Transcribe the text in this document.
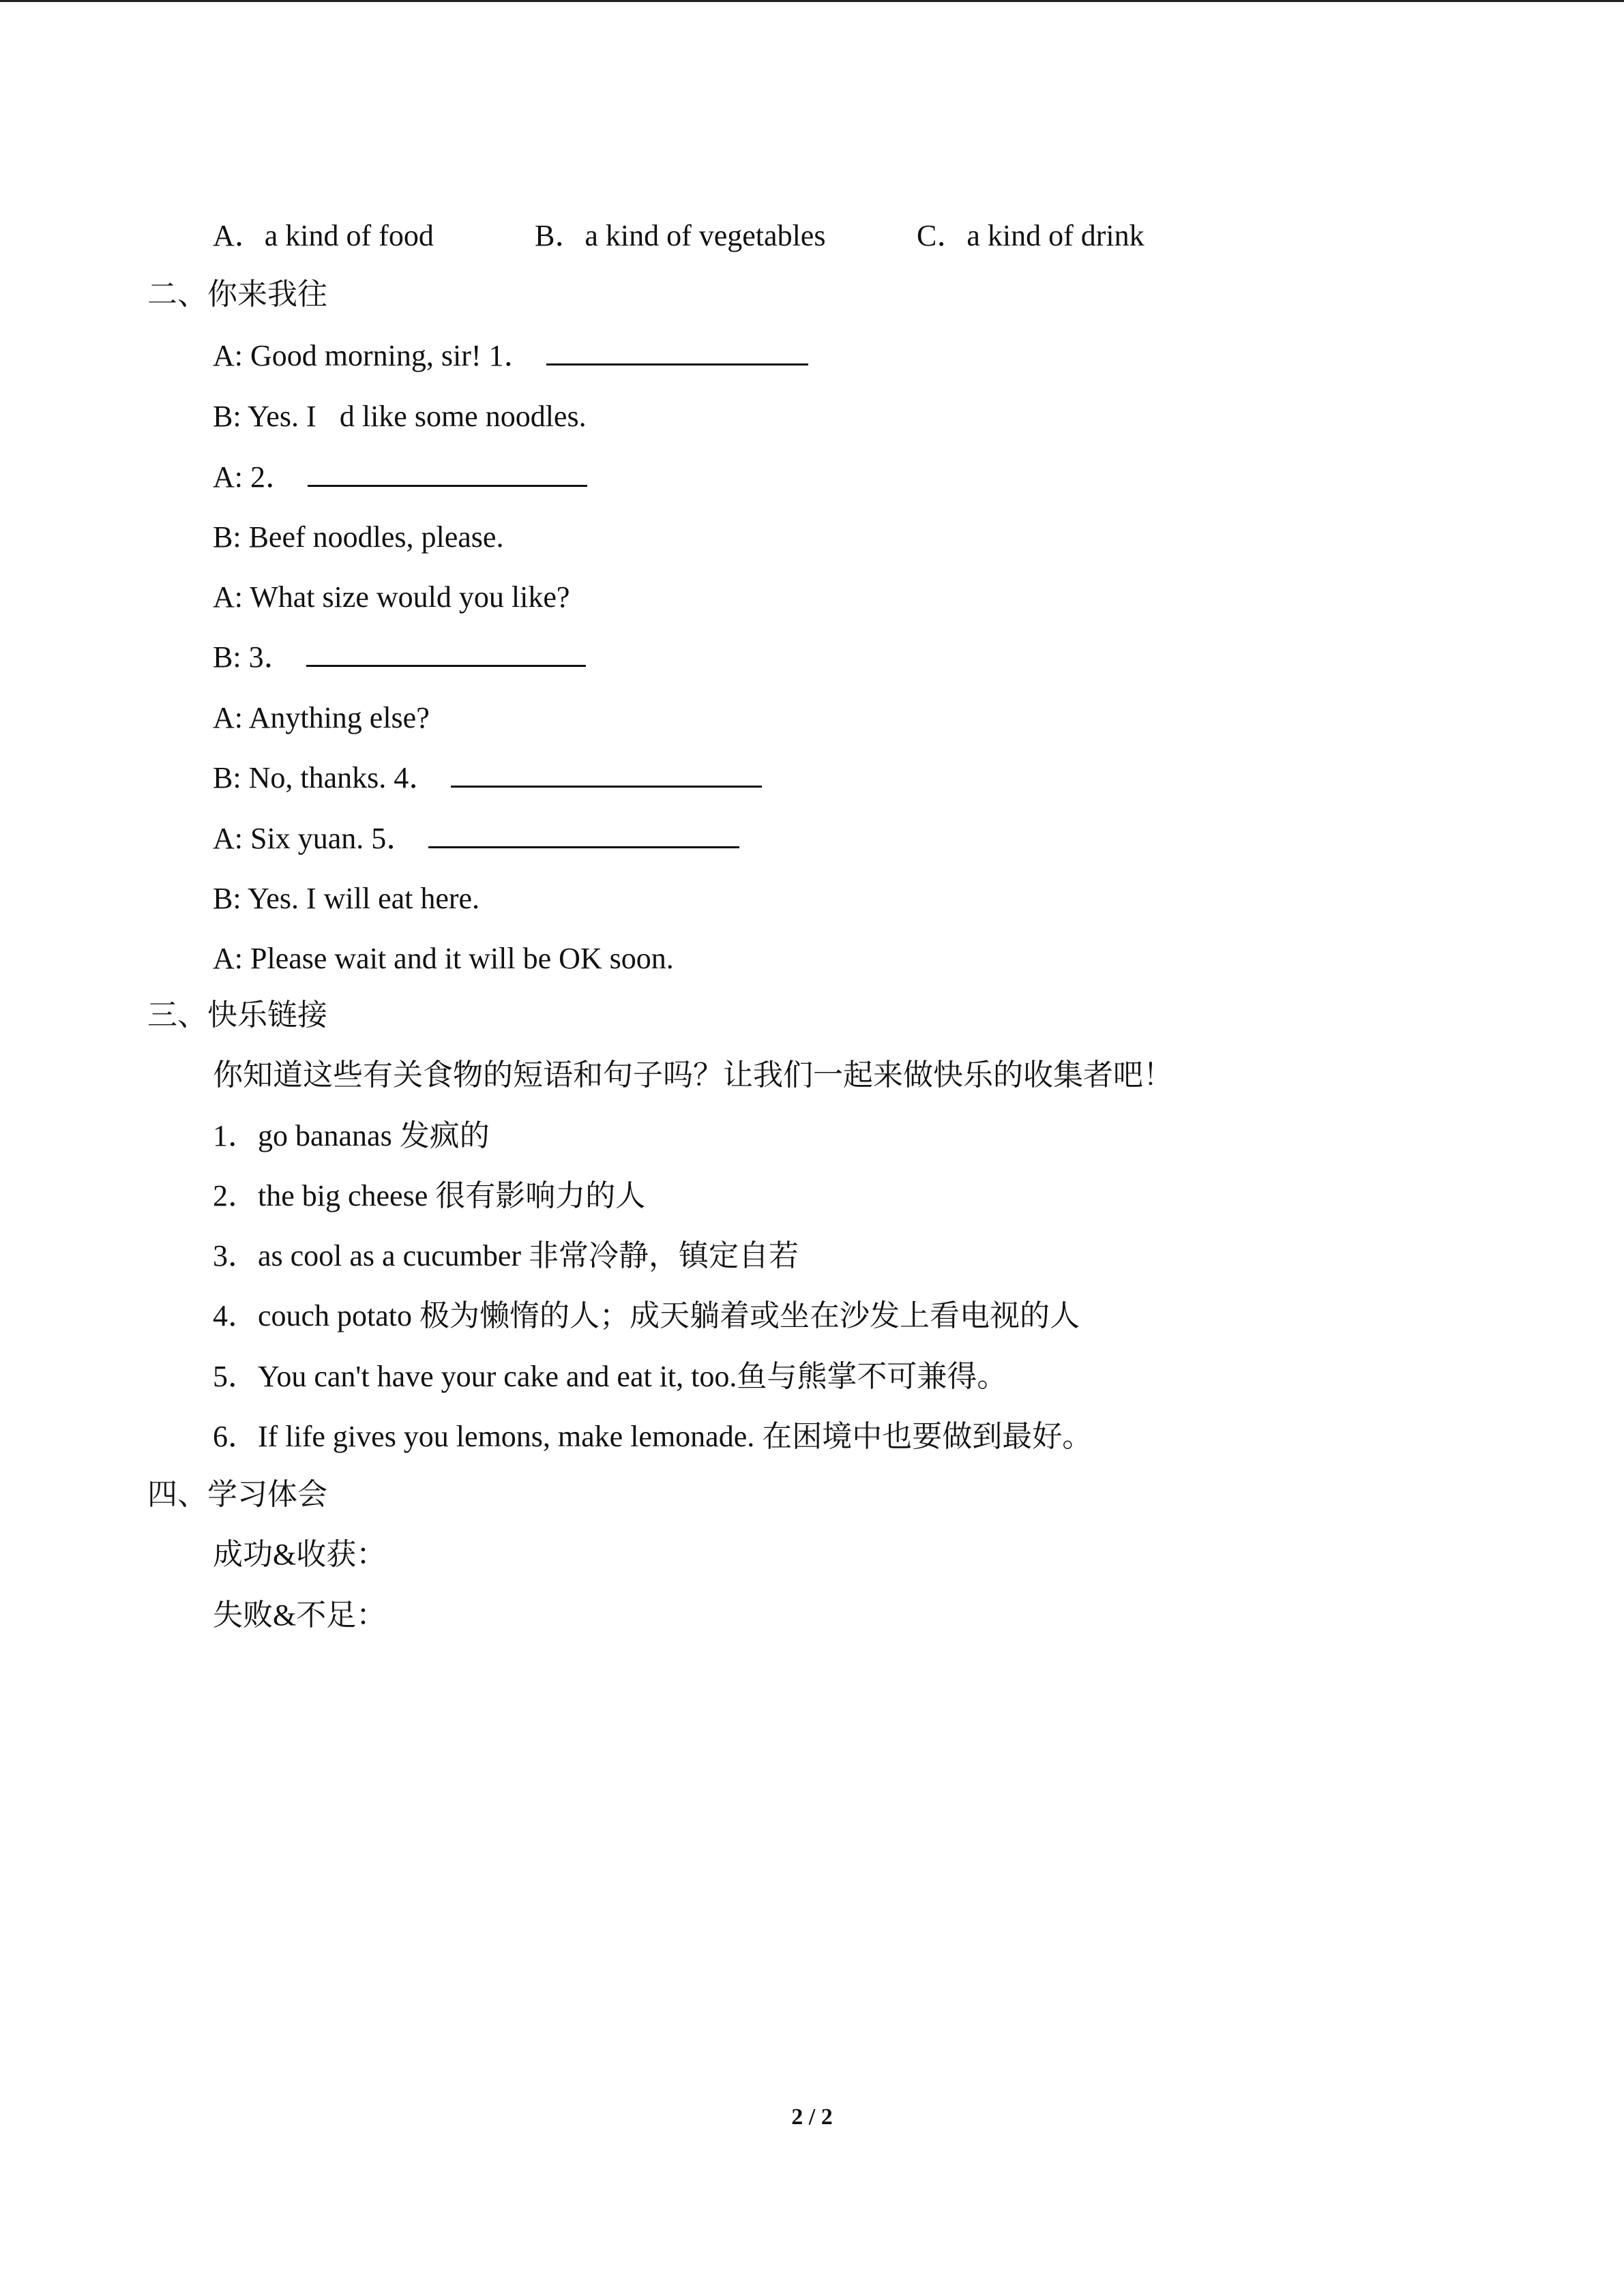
A．a kind of food	B．a kind of vegetables	C．a kind of drink
二、你来我往
A: Good morning, sir! 1．
B: Yes. I d like some noodles.
A: 2．
B: Beef noodles, please.
A: What size would you like?
B: 3．
A: Anything else?
B: No, thanks. 4．
A: Six yuan. 5．
B: Yes. I will eat here.
A: Please wait and it will be OK soon.
三、快乐链接
你知道这些有关食物的短语和句子吗？让我们一起来做快乐的收集者吧！
1．go bananas 发疯的
2．the big cheese 很有影响力的人
3．as cool as a cucumber 非常冷静，镇定自若
4．couch potato 极为懒惰的人；成天躺着或坐在沙发上看电视的人
5．You can't have your cake and eat it, too.鱼与熊掌不可兼得。
6．If life gives you lemons, make lemonade. 在困境中也要做到最好。
四、学习体会
成功&收获：
失败&不足：
2 / 2
